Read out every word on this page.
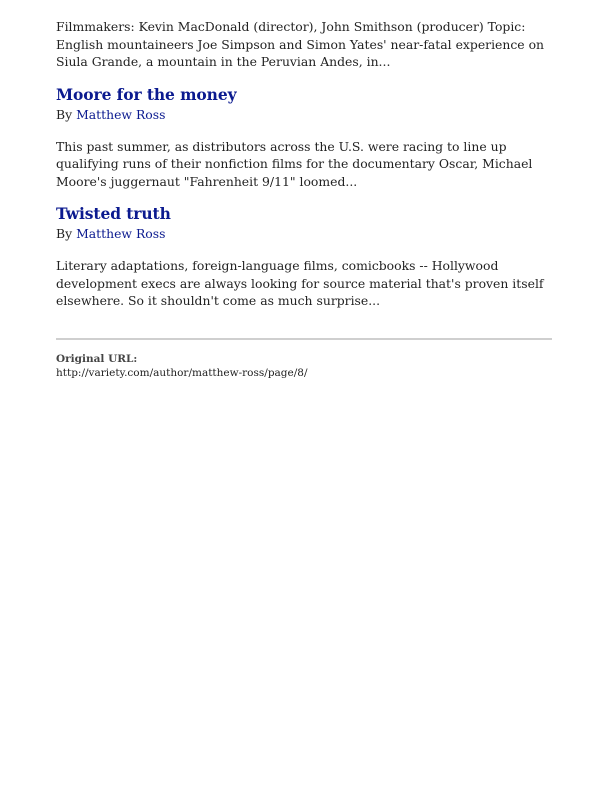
Filmmakers: Kevin MacDonald (director), John Smithson (producer) Topic: English mountaineers Joe Simpson and Simon Yates' near-fatal experience on Siula Grande, a mountain in the Peruvian Andes, in...

Moore for the money

By Matthew Ross

This past summer, as distributors across the U.S. were racing to line up qualifying runs of their nonfiction films for the documentary Oscar, Michael Moore's juggernaut "Fahrenheit 9/11" loomed...

Twisted truth

By Matthew Ross

Literary adaptations, foreign-language films, comicbooks -- Hollywood development execs are always looking for source material that's proven itself elsewhere. So it shouldn't come as much surprise...

Original URL:

http://variety.com/author/matthew-ross/page/8/
